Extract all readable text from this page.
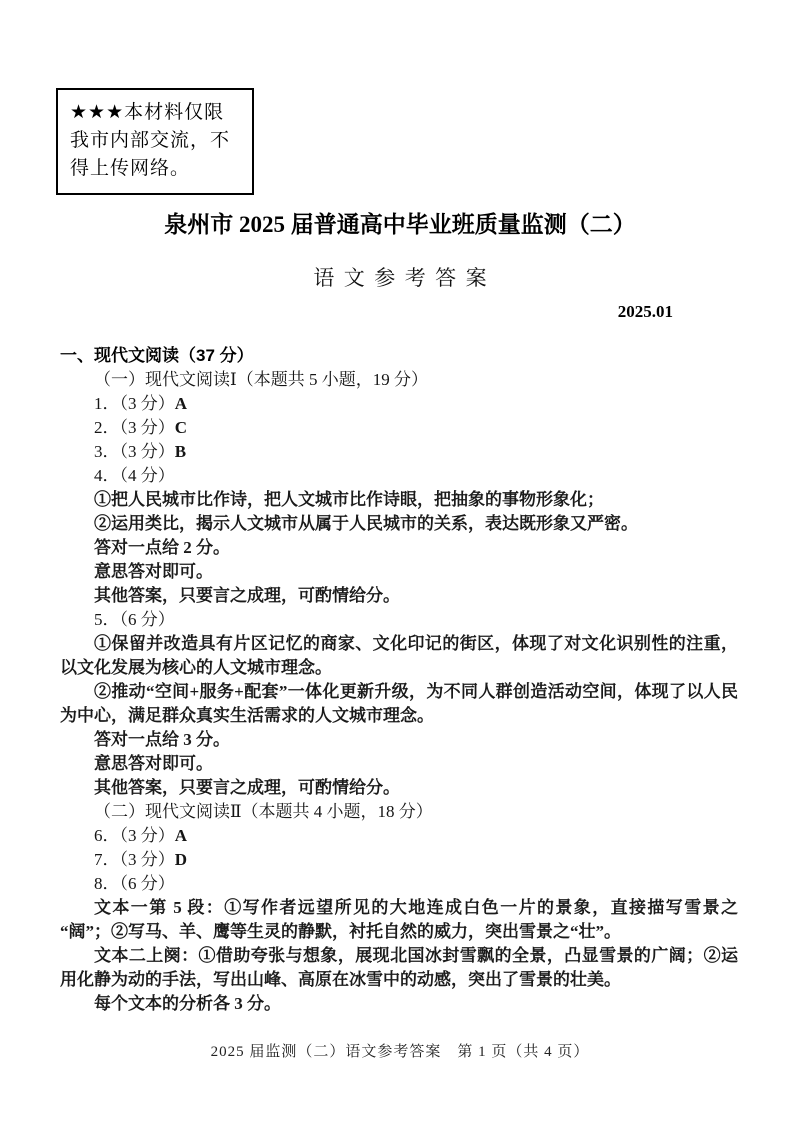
★★★本材料仅限我市内部交流，不得上传网络。
泉州市 2025 届普通高中毕业班质量监测（二）
语文参考答案
2025.01
一、现代文阅读（37 分）
（一）现代文阅读Ⅰ（本题共 5 小题，19 分）
1．（3 分）A
2．（3 分）C
3．（3 分）B
4．（4 分）
①把人民城市比作诗，把人文城市比作诗眼，把抽象的事物形象化；
②运用类比，揭示人文城市从属于人民城市的关系，表达既形象又严密。
答对一点给 2 分。
意思答对即可。
其他答案，只要言之成理，可酌情给分。
5．（6 分）
①保留并改造具有片区记忆的商家、文化印记的街区，体现了对文化识别性的注重，以文化发展为核心的人文城市理念。
②推动“空间+服务+配套”一体化更新升级，为不同人群创造活动空间，体现了以人民为中心，满足群众真实生活需求的人文城市理念。
答对一点给 3 分。
意思答对即可。
其他答案，只要言之成理，可酌情给分。
（二）现代文阅读Ⅱ（本题共 4 小题，18 分）
6．（3 分）A
7．（3 分）D
8．（6 分）
文本一第 5 段：①写作者远望所见的大地连成白色一片的景象，直接描写雪景之“阔”；②写马、羊、鹰等生灵的静默，衬托自然的威力，突出雪景之“壮”。
文本二上阕：①借助夸张与想象，展现北国冰封雪飘的全景，凸显雪景的广阔；②运用化静为动的手法，写出山峰、高原在冰雪中的动感，突出了雪景的壮美。
每个文本的分析各 3 分。
2025 届监测（二）语文参考答案　第 1 页（共 4 页）
